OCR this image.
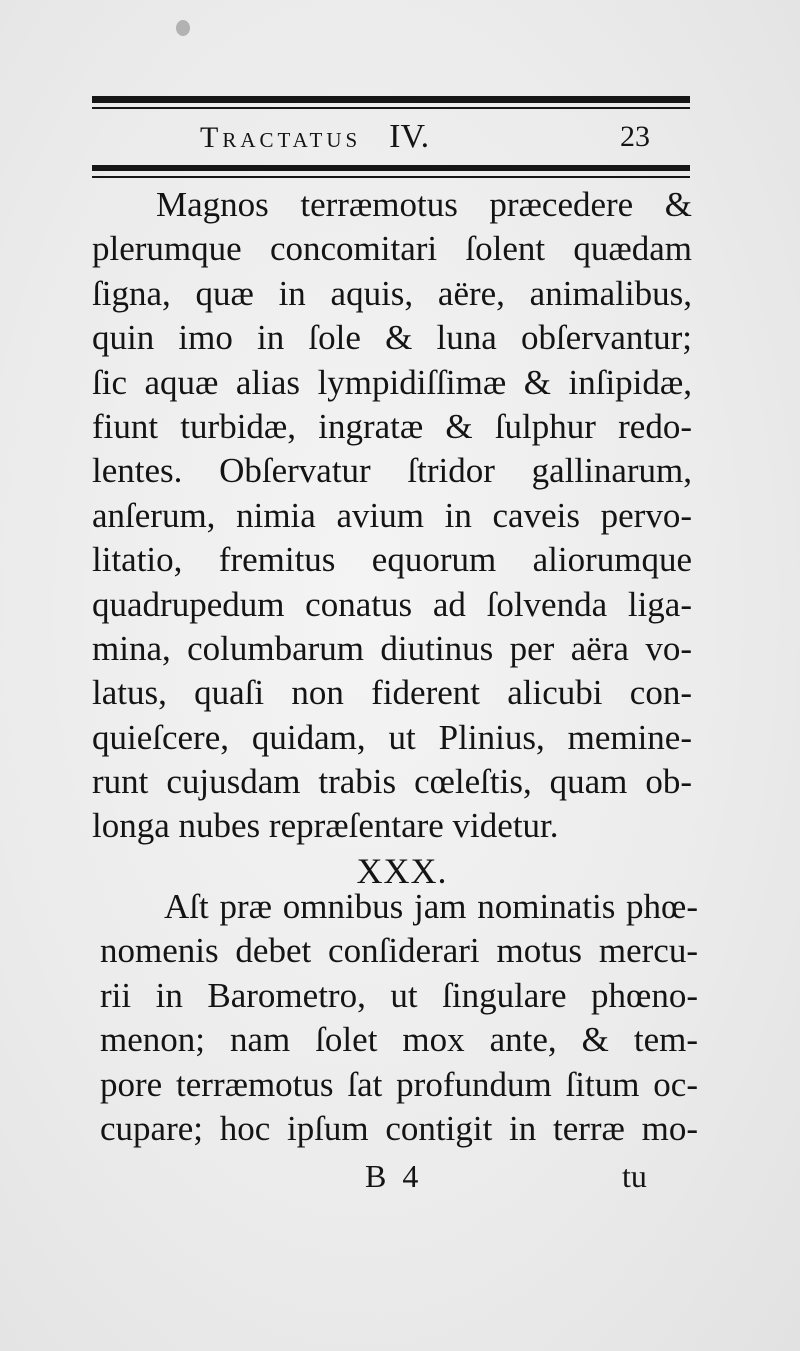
Tractatus IV.	23
Magnos terræmotus præcedere &
plerumque concomitari ſolent quædam
ſigna, quæ in aquis, aëre, animalibus,
quin imo in ſole & luna obſervantur;
ſic aquæ alias lympidiſſimæ & inſipidæ,
fiunt turbidæ, ingratæ & ſulphur redo-
lentes. Obſervatur ſtridor gallinarum,
anſerum, nimia avium in caveis pervo-
litatio, fremitus equorum aliorumque
quadrupedum conatus ad ſolvenda liga-
mina, columbarum diutinus per aëra vo-
latus, quaſi non fiderent alicubi con-
quieſcere, quidam, ut Plinius, meminе-
runt cujusdam trabis cœleſtis, quam ob-
longa nubes repræſentare videtur.
XXX.
Aſt præ omnibus jam nominatis phœ-
nomenis debet conſiderari motus mercu-
rii in Barometro, ut ſingulare phœno-
menon; nam ſolet mox ante, & tem-
pore terræmotus ſat profundum ſitum oc-
cupare; hoc ipſum contigit in terræ mo-
B 4	tu
